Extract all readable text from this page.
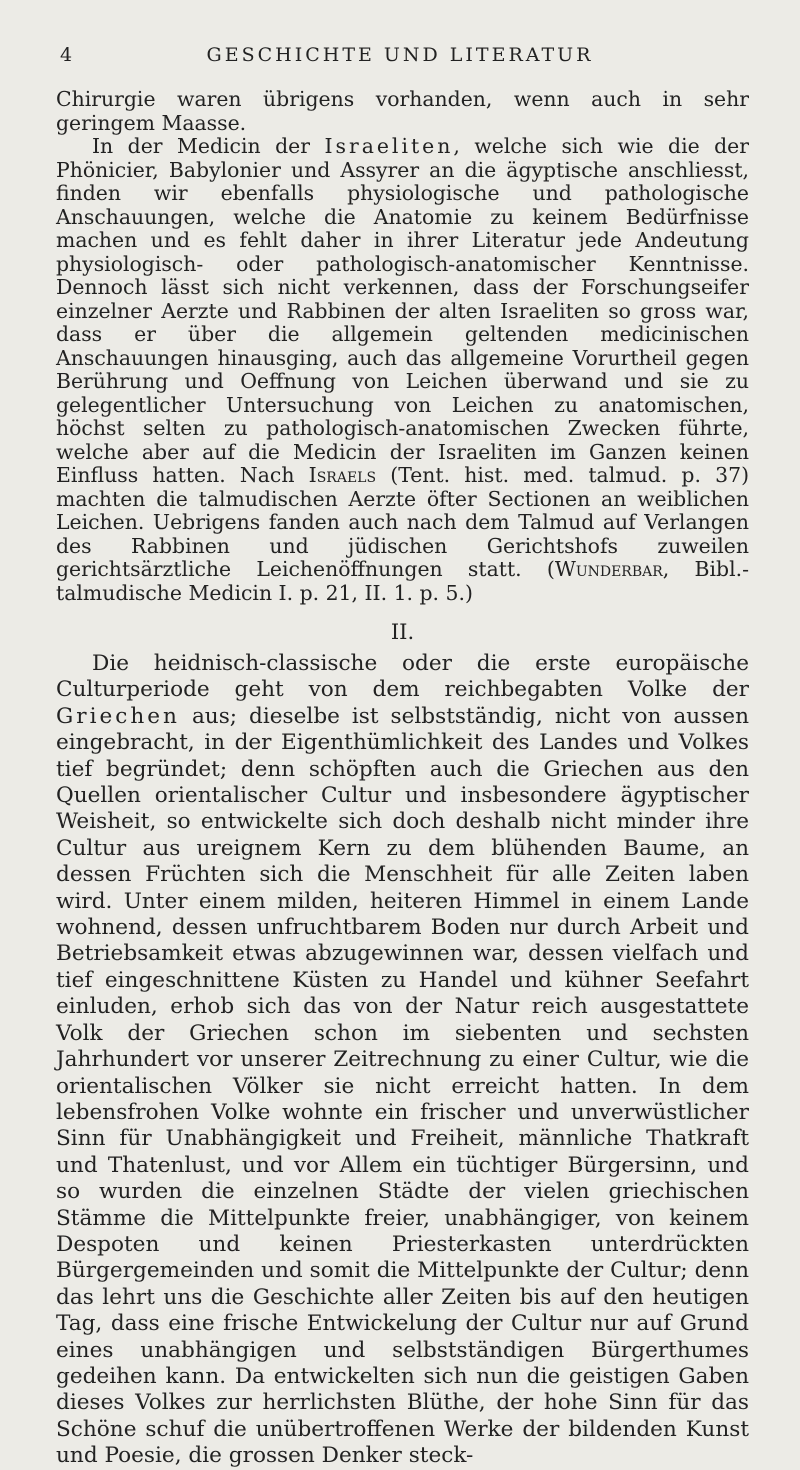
4	GESCHICHTE UND LITERATUR

Chirurgie waren übrigens vorhanden, wenn auch in sehr geringem Maasse.

In der Medicin der Israeliten, welche sich wie die der Phönicier, Babylonier und Assyrer an die ägyptische anschliesst, finden wir ebenfalls physiologische und pathologische Anschauungen, welche die Anatomie zu keinem Bedürfnisse machen und es fehlt daher in ihrer Literatur jede Andeutung physiologisch- oder pathologisch-anatomischer Kenntnisse. Dennoch lässt sich nicht verkennen, dass der Forschungseifer einzelner Aerzte und Rabbinen der alten Israeliten so gross war, dass er über die allgemein geltenden medicinischen Anschauungen hinausging, auch das allgemeine Vorurtheil gegen Berührung und Oeffnung von Leichen überwand und sie zu gelegentlicher Untersuchung von Leichen zu anatomischen, höchst selten zu pathologisch-anatomischen Zwecken führte, welche aber auf die Medicin der Israeliten im Ganzen keinen Einfluss hatten. Nach Israels (Tent. hist. med. talmud. p. 37) machten die talmudischen Aerzte öfter Sectionen an weiblichen Leichen. Uebrigens fanden auch nach dem Talmud auf Verlangen des Rabbinen und jüdischen Gerichtshofs zuweilen gerichtsärztliche Leichenöffnungen statt. (Wunderbar, Bibl.-talmudische Medicin I. p. 21, II. 1. p. 5.)

II.

Die heidnisch-classische oder die erste europäische Culturperiode geht von dem reichbegabten Volke der Griechen aus; dieselbe ist selbstständig, nicht von aussen eingebracht, in der Eigenthümlichkeit des Landes und Volkes tief begründet; denn schöpften auch die Griechen aus den Quellen orientalischer Cultur und insbesondere ägyptischer Weisheit, so entwickelte sich doch deshalb nicht minder ihre Cultur aus ureignem Kern zu dem blühenden Baume, an dessen Früchten sich die Menschheit für alle Zeiten laben wird. Unter einem milden, heiteren Himmel in einem Lande wohnend, dessen unfruchtbarem Boden nur durch Arbeit und Betriebsamkeit etwas abzugewinnen war, dessen vielfach und tief eingeschnittene Küsten zu Handel und kühner Seefahrt einluden, erhob sich das von der Natur reich ausgestattete Volk der Griechen schon im siebenten und sechsten Jahrhundert vor unserer Zeitrechnung zu einer Cultur, wie die orientalischen Völker sie nicht erreicht hatten. In dem lebensfrohen Volke wohnte ein frischer und unverwüstlicher Sinn für Unabhängigkeit und Freiheit, männliche Thatkraft und Thatenlust, und vor Allem ein tüchtiger Bürgersinn, und so wurden die einzelnen Städte der vielen griechischen Stämme die Mittelpunkte freier, unabhängiger, von keinem Despoten und keinen Priesterkasten unterdrückten Bürgergemeinden und somit die Mittelpunkte der Cultur; denn das lehrt uns die Geschichte aller Zeiten bis auf den heutigen Tag, dass eine frische Entwickelung der Cultur nur auf Grund eines unabhängigen und selbstständigen Bürgerthumes gedeihen kann. Da entwickelten sich nun die geistigen Gaben dieses Volkes zur herrlichsten Blüthe, der hohe Sinn für das Schöne schuf die unübertroffenen Werke der bildenden Kunst und Poesie, die grossen Denker steck-
